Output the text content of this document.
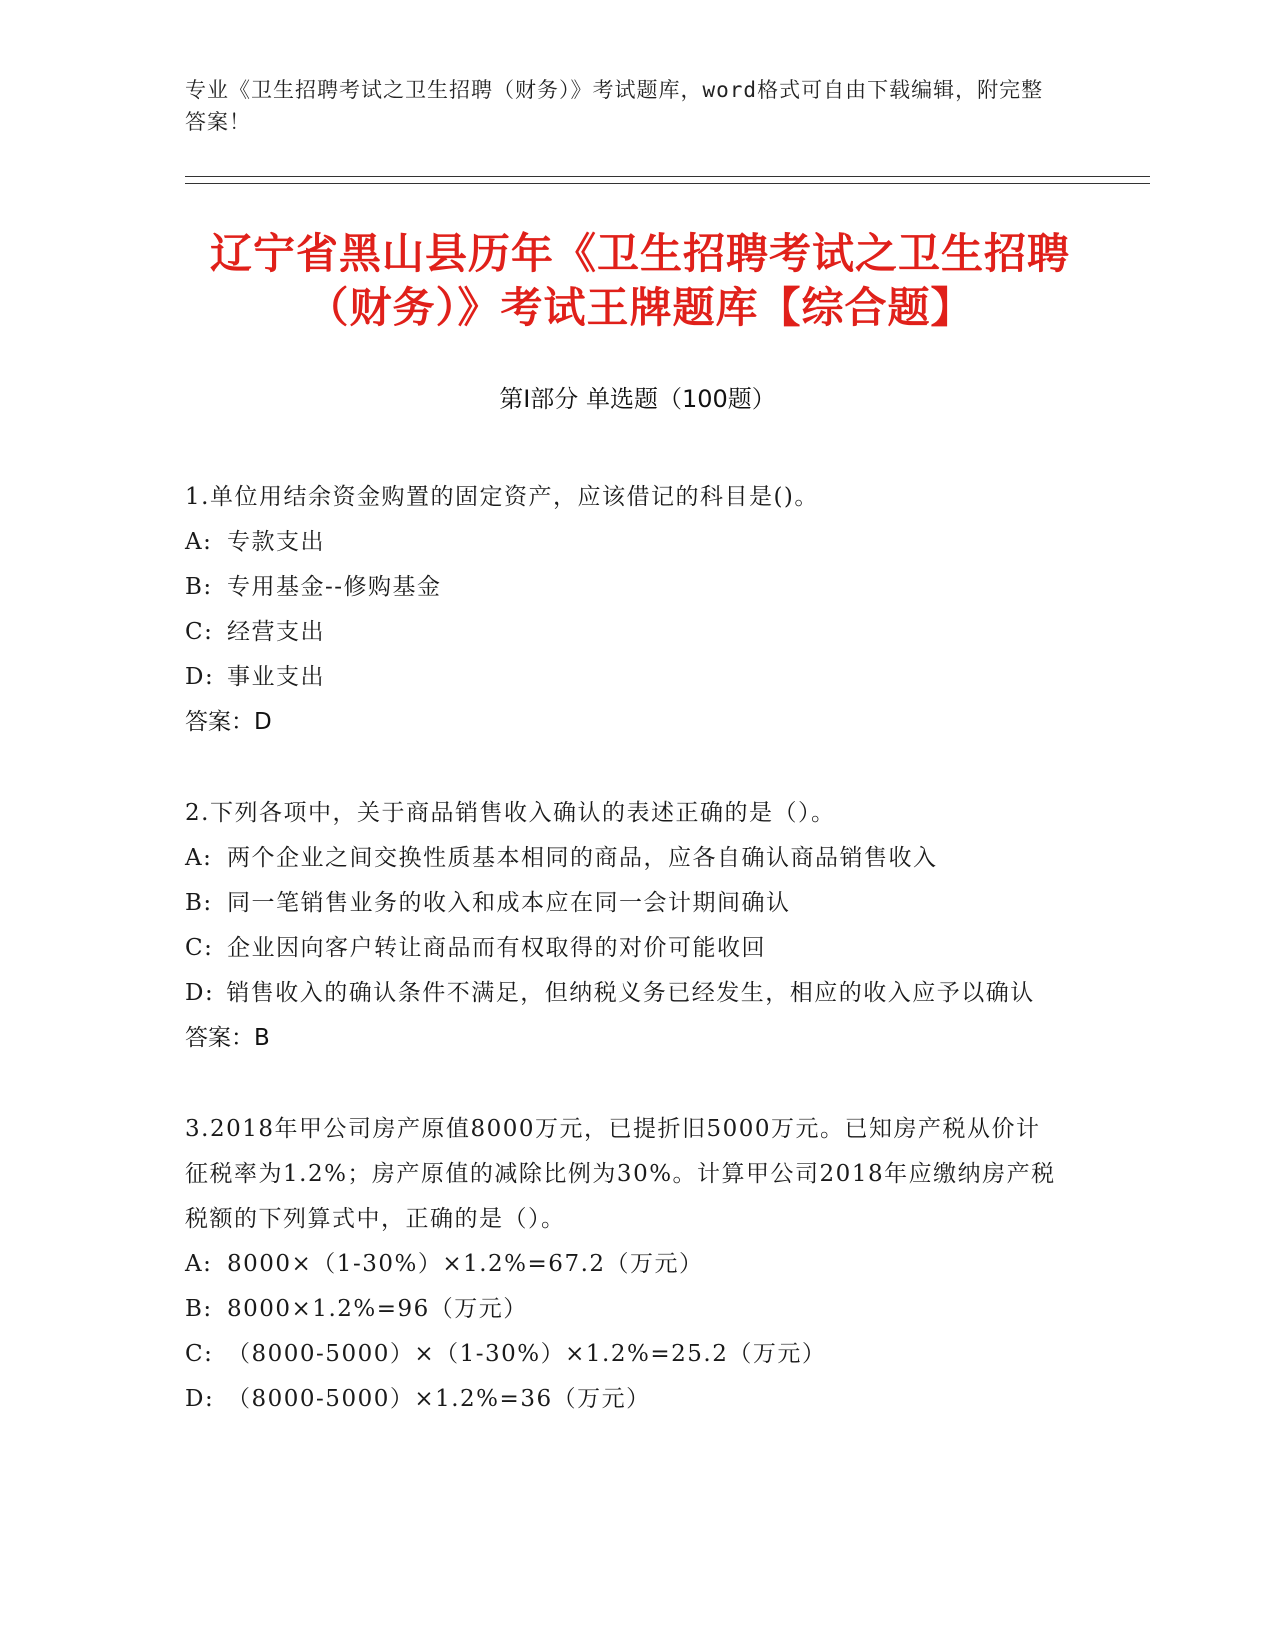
专业《卫生招聘考试之卫生招聘（财务）》考试题库，word格式可自由下载编辑，附完整答案！
辽宁省黑山县历年《卫生招聘考试之卫生招聘（财务）》考试王牌题库【综合题】
第Ⅰ部分 单选题（100题）
1.单位用结余资金购置的固定资产，应该借记的科目是()。
A: 专款支出
B: 专用基金--修购基金
C: 经营支出
D: 事业支出
答案：D
2.下列各项中，关于商品销售收入确认的表述正确的是（）。
A: 两个企业之间交换性质基本相同的商品，应各自确认商品销售收入
B: 同一笔销售业务的收入和成本应在同一会计期间确认
C: 企业因向客户转让商品而有权取得的对价可能收回
D: 销售收入的确认条件不满足，但纳税义务已经发生，相应的收入应予以确认
答案：B
3.2018年甲公司房产原值8000万元，已提折旧5000万元。已知房产税从价计征税率为1.2%；房产原值的减除比例为30%。计算甲公司2018年应缴纳房产税税额的下列算式中，正确的是（）。
A: 8000×（1-30%）×1.2%=67.2（万元）
B: 8000×1.2%=96（万元）
C: （8000-5000）×（1-30%）×1.2%=25.2（万元）
D: （8000-5000）×1.2%=36（万元）
